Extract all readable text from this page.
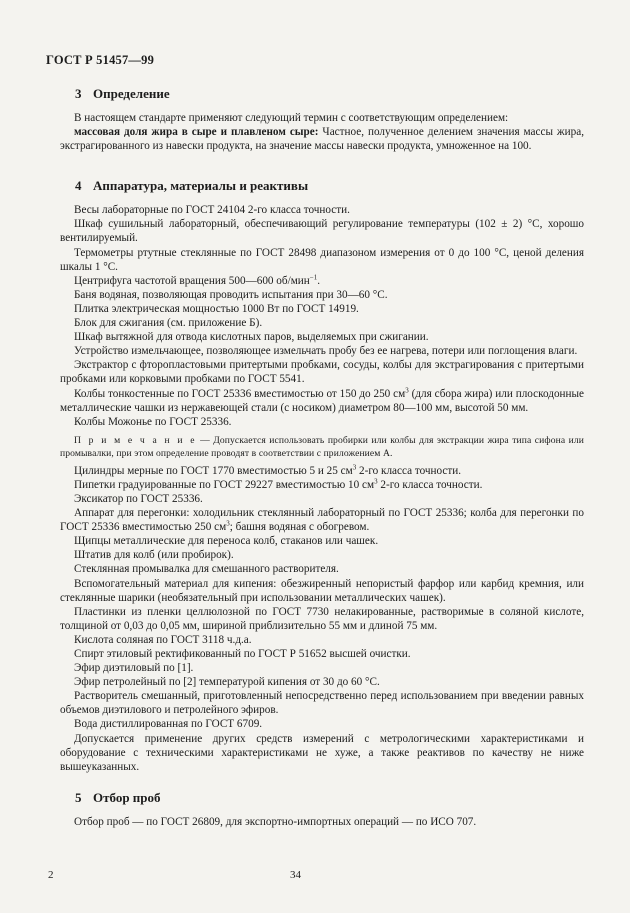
ГОСТ Р 51457—99
3 Определение

В настоящем стандарте применяют следующий термин с соответствующим определением:

массовая доля жира в сыре и плавленом сыре: Частное, полученное делением значения массы жира, экстрагированного из навески продукта, на значение массы навески продукта, умноженное на 100.

4 Аппаратура, материалы и реактивы

Весы лабораторные по ГОСТ 24104 2-го класса точности.

Шкаф сушильный лабораторный, обеспечивающий регулирование температуры (102 ± 2) °С, хорошо вентилируемый.

Термометры ртутные стеклянные по ГОСТ 28498 диапазоном измерения от 0 до 100 °С, ценой деления шкалы 1 °С.

Центрифуга частотой вращения 500—600 об/мин$^{-1}$.

Баня водяная, позволяющая проводить испытания при 30—60 °С.

Плитка электрическая мощностью 1000 Вт по ГОСТ 14919.

Блок для сжигания (см. приложение Б).

Шкаф вытяжной для отвода кислотных паров, выделяемых при сжигании.

Устройство измельчающее, позволяющее измельчать пробу без ее нагрева, потери или поглощения влаги.

Экстрактор с фторопластовыми притертыми пробками, сосуды, колбы для экстрагирования с притертыми пробками или корковыми пробками по ГОСТ 5541.

Колбы тонкостенные по ГОСТ 25336 вместимостью от 150 до 250 $см^3$ (для сбора жира) или плоскодонные металлические чашки из нержавеющей стали (с носиком) диаметром 80—100 мм, высотой 50 мм.

Колбы Можонье по ГОСТ 25336.

П р и м е ч а н и е — Допускается использовать пробирки или колбы для экстракции жира типа сифона или промывалки, при этом определение проводят в соответствии с приложением А.

Цилиндры мерные по ГОСТ 1770 вместимостью 5 и 25 $см^3$ 2-го класса точности.

Пипетки градуированные по ГОСТ 29227 вместимостью 10 $см^3$ 2-го класса точности.

Эксикатор по ГОСТ 25336.

Аппарат для перегонки: холодильник стеклянный лабораторный по ГОСТ 25336; колба для перегонки по ГОСТ 25336 вместимостью 250 $см^3$; башня водяная с обогревом.

Щипцы металлические для переноса колб, стаканов или чашек.

Штатив для колб (или пробирок).

Стеклянная промывалка для смешанного растворителя.

Вспомогательный материал для кипения: обезжиренный непористый фарфор или карбид кремния, или стеклянные шарики (необязательный при использовании металлических чашек).

Пластинки из пленки целлюлозной по ГОСТ 7730 нелакированные, растворимые в соляной кислоте, толщиной от 0,03 до 0,05 мм, шириной приблизительно 55 мм и длиной 75 мм.

Кислота соляная по ГОСТ 3118 ч.д.а.

Спирт этиловый ректификованный по ГОСТ Р 51652 высшей очистки.

Эфир диэтиловый по [1].

Эфир петролейный по [2] температурой кипения от 30 до 60 °С.

Растворитель смешанный, приготовленный непосредственно перед использованием при введении равных объемов диэтилового и петролейного эфиров.

Вода дистиллированная по ГОСТ 6709.

Допускается применение других средств измерений с метрологическими характеристиками и оборудование с техническими характеристиками не хуже, а также реактивов по качеству не ниже вышеуказанных.

5 Отбор проб

Отбор проб — по ГОСТ 26809, для экспортно-импортных операций — по ИСО 707.

2	34
